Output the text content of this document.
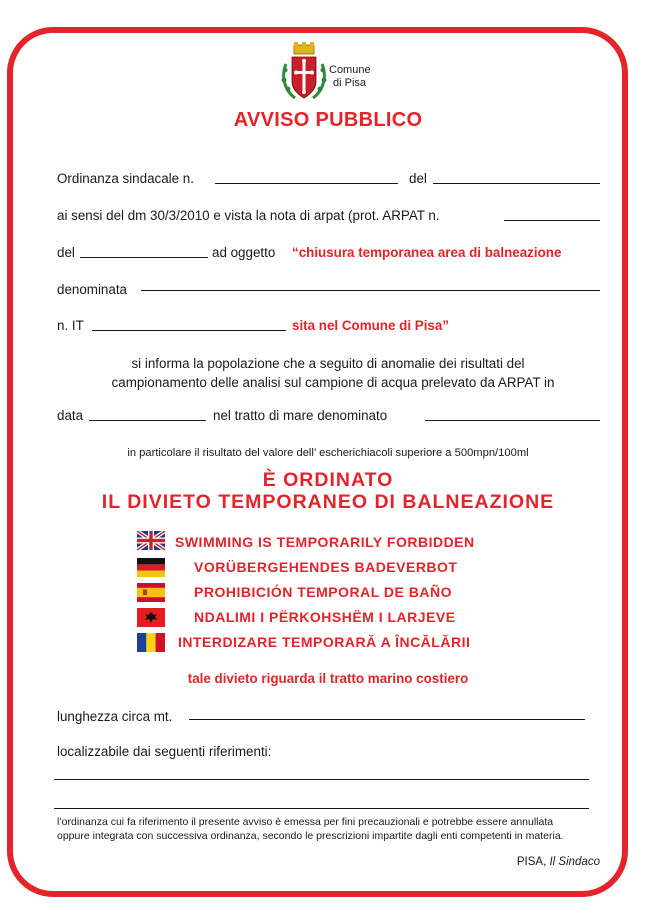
Comune
di Pisa
AVVISO PUBBLICO
Ordinanza sindacale n.	del
ai sensi del dm 30/3/2010 e vista la nota di arpat (prot. ARPAT n.
del	ad oggetto “chiusura temporanea area di balneazione
denominata
n. IT	sita nel Comune di Pisa”
si informa la popolazione che a seguito di anomalie dei risultati del
campionamento delle analisi sul campione di acqua prelevato da ARPAT in
data	nel tratto di mare denominato
in particolare il risultato del valore dell’ escherichiacoli superiore a 500mpn/100ml
È ORDINATO
IL DIVIETO TEMPORANEO DI BALNEAZIONE
SWIMMING IS TEMPORARILY FORBIDDEN
VORÜBERGEHENDES BADEVERBOT
PROHIBICIÓN TEMPORAL DE BAÑO
NDALIMI I PËRKOHSHËM I LARJEVE
INTERDIZARE TEMPORARĂ A ÎNCĂLĂRII
tale divieto riguarda il tratto marino costiero
lunghezza circa mt.
localizzabile dai seguenti riferimenti:
l’ordinanza cui fa riferimento il presente avviso è emessa per fini precauzionali e potrebbe essere annullata
oppure integrata con successiva ordinanza, secondo le prescrizioni impartite dagli enti competenti in materia.
PISA, Il Sindaco
